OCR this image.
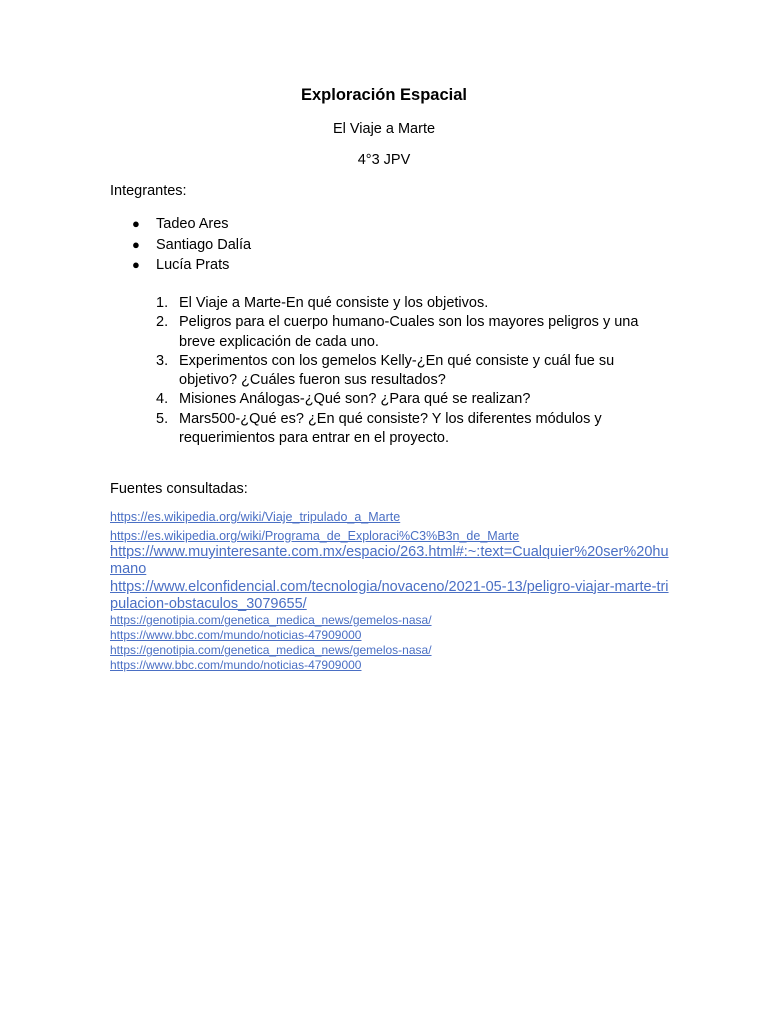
Exploración Espacial

El Viaje a Marte

4°3 JPV

Integrantes:

● Tadeo Ares
● Santiago Dalía
● Lucía Prats
1. El Viaje a Marte-En qué consiste y los objetivos.
2. Peligros para el cuerpo humano-Cuales son los mayores peligros y una breve explicación de cada uno.
3. Experimentos con los gemelos Kelly-¿En qué consiste y cuál fue su objetivo? ¿Cuáles fueron sus resultados?
4. Misiones Análogas-¿Qué son? ¿Para qué se realizan?
5. Mars500-¿Qué es? ¿En qué consiste? Y los diferentes módulos y requerimientos para entrar en el proyecto.

Fuentes consultadas:

https://es.wikipedia.org/wiki/Viaje_tripulado_a_Marte
https://es.wikipedia.org/wiki/Programa_de_Exploraci%C3%B3n_de_Marte
https://www.muyinteresante.com.mx/espacio/263.html#:~:text=Cualquier%20ser%20humano
https://www.elconfidencial.com/tecnologia/novaceno/2021-05-13/peligro-viajar-marte-tripulacion-obstaculos_3079655/
https://genotipia.com/genetica_medica_news/gemelos-nasa/
https://www.bbc.com/mundo/noticias-47909000
https://genotipia.com/genetica_medica_news/gemelos-nasa/
https://www.bbc.com/mundo/noticias-47909000
